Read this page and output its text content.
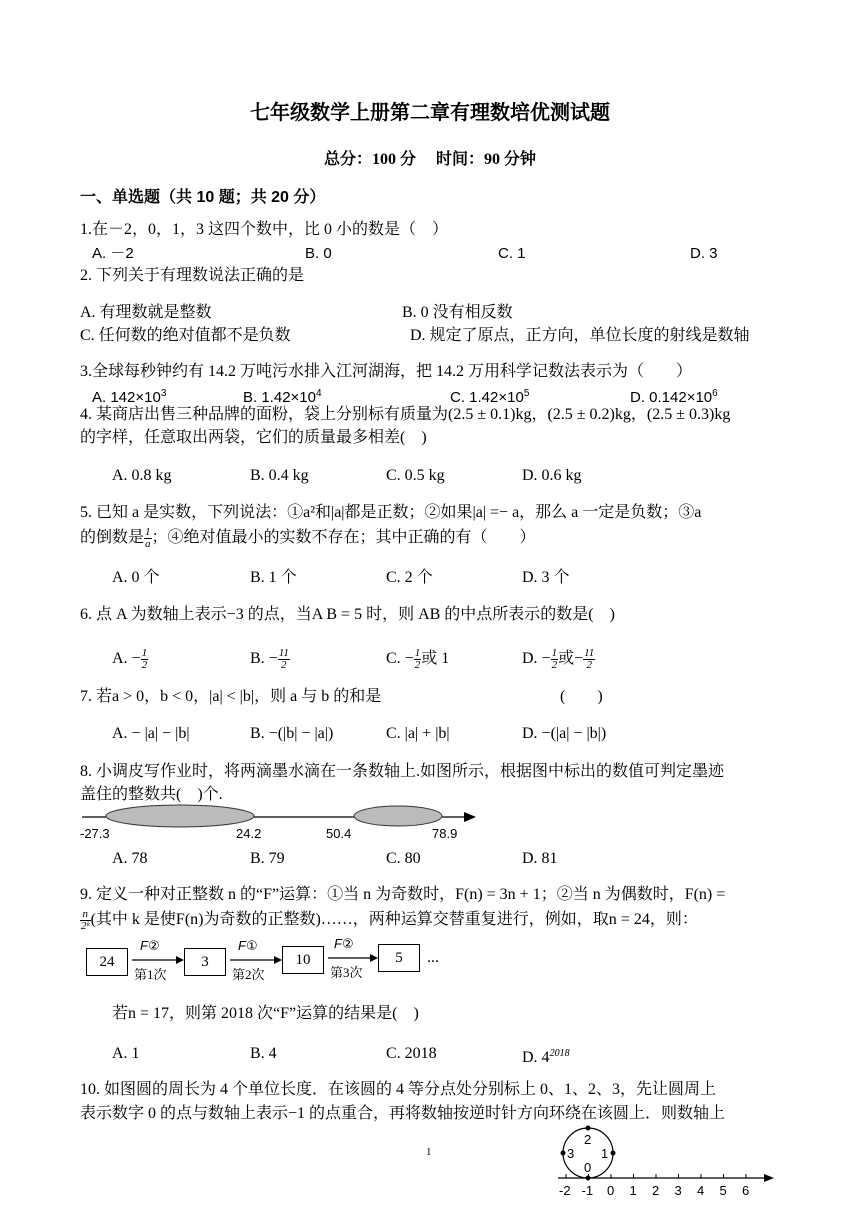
七年级数学上册第二章有理数培优测试题
总分：100 分　 时间：90 分钟
一、单选题（共 10 题；共 20 分）
1.在－2，0，1，3 这四个数中，比 0 小的数是（　）
A. －2	B. 0	C. 1	D. 3
2. 下列关于有理数说法正确的是
A. 有理数就是整数	B. 0 没有相反数
C. 任何数的绝对值都不是负数	D. 规定了原点，正方向，单位长度的射线是数轴
3.全球每秒钟约有 14.2 万吨污水排入江河湖海，把 14.2 万用科学记数法表示为（　　）
A. $142\times 10^3$	B. $1.42\times 10^4$	C. $1.42\times 10^5$	D. $0.142\times 10^6$
4. 某商店出售三种品牌的面粉，袋上分别标有质量为(2.5 ± 0.1)kg，(2.5 ± 0.2)kg，(2.5 ± 0.3)kg
的字样，任意取出两袋，它们的质量最多相差(　)
A. 0.8 kg	B. 0.4 kg	C. 0.5 kg	D. 0.6 kg
5. 已知 a 是实数，下列说法：①a²和|a|都是正数；②如果|a| =− a，那么 a 一定是负数；③a
的倒数是 $\frac{1}{a}$ ；④绝对值最小的实数不存在；其中正确的有（　　）
A. 0 个	B. 1 个	C. 2 个	D. 3 个
6. 点 A 为数轴上表示−3 的点，当A B = 5 时，则 AB 的中点所表示的数是(　)
A. − $\frac{1}{2}$	B. − $\frac{11}{2}$	C. − $\frac{1}{2}$ 或 1	D. − $\frac{1}{2}$ 或− $\frac{11}{2}$
7. 若a > 0，b < 0，|a| < |b|，则 a 与 b 的和是	(　　)
A. − |a| − |b|	B. −(|b| − |a|)	C. |a| + |b|	D. −(|a| − |b|)
8. 小调皮写作业时，将两滴墨水滴在一条数轴上.如图所示，根据图中标出的数值可判定墨迹
盖住的整数共(　)个.
-27.3	24.2	50.4	78.9
A. 78	B. 79	C. 80	D. 81
9. 定义一种对正整数 n 的“F”运算：①当 n 为奇数时，F(n) = 3n + 1；②当 n 为偶数时，F(n) =
$\frac{n}{\text{2ᵏ}}$ (其中 k 是使F(n)为奇数的正整数)……，两种运算交替重复进行，例如，取n = 24，则：
24	3	10	5	...
F②	F①	F②
第1次	第2次	第3次
若n = 17，则第 2018 次“F”运算的结果是(　)
A. 1	B. 4	C. 2018	D. $4^{2018}$
10. 如图圆的周长为 4 个单位长度．在该圆的 4 等分点处分别标上 0、1、2、3，先让圆周上
表示数字 0 的点与数轴上表示−1 的点重合，再将数轴按逆时针方向环绕在该圆上．则数轴上
2
3 1
0
-2 -1 0 1 2 3 4 5 6
1
